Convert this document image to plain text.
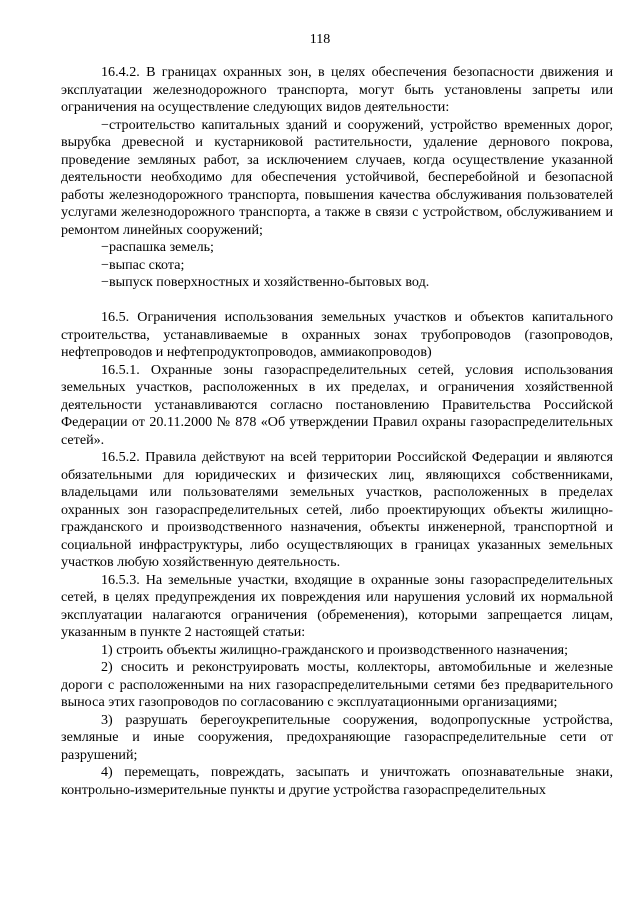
118

16.4.2. В границах охранных зон, в целях обеспечения безопасности движения и эксплуатации железнодорожного транспорта, могут быть установлены запреты или ограничения на осуществление следующих видов деятельности:

−строительство капитальных зданий и сооружений, устройство временных дорог, вырубка древесной и кустарниковой растительности, удаление дернового покрова, проведение земляных работ, за исключением случаев, когда осуществление указанной деятельности необходимо для обеспечения устойчивой, бесперебойной и безопасной работы железнодорожного транспорта, повышения качества обслуживания пользователей услугами железнодорожного транспорта, а также в связи с устройством, обслуживанием и ремонтом линейных сооружений;

−распашка земель;

−выпас скота;

−выпуск поверхностных и хозяйственно-бытовых вод.

16.5. Ограничения использования земельных участков и объектов капитального строительства, устанавливаемые в охранных зонах трубопроводов (газопроводов, нефтепроводов и нефтепродуктопроводов, аммиакопроводов)

16.5.1. Охранные зоны газораспределительных сетей, условия использования земельных участков, расположенных в их пределах, и ограничения хозяйственной деятельности устанавливаются согласно постановлению Правительства Российской Федерации от 20.11.2000 № 878 «Об утверждении Правил охраны газораспределительных сетей».

16.5.2. Правила действуют на всей территории Российской Федерации и являются обязательными для юридических и физических лиц, являющихся собственниками, владельцами или пользователями земельных участков, расположенных в пределах охранных зон газораспределительных сетей, либо проектирующих объекты жилищно-гражданского и производственного назначения, объекты инженерной, транспортной и социальной инфраструктуры, либо осуществляющих в границах указанных земельных участков любую хозяйственную деятельность.

16.5.3. На земельные участки, входящие в охранные зоны газораспределительных сетей, в целях предупреждения их повреждения или нарушения условий их нормальной эксплуатации налагаются ограничения (обременения), которыми запрещается лицам, указанным в пункте 2 настоящей статьи:

1) строить объекты жилищно-гражданского и производственного назначения;

2) сносить и реконструировать мосты, коллекторы, автомобильные и железные дороги с расположенными на них газораспределительными сетями без предварительного выноса этих газопроводов по согласованию с эксплуатационными организациями;

3) разрушать берегоукрепительные сооружения, водопропускные устройства, земляные и иные сооружения, предохраняющие газораспределительные сети от разрушений;

4) перемещать, повреждать, засыпать и уничтожать опознавательные знаки, контрольно-измерительные пункты и другие устройства газораспределительных
